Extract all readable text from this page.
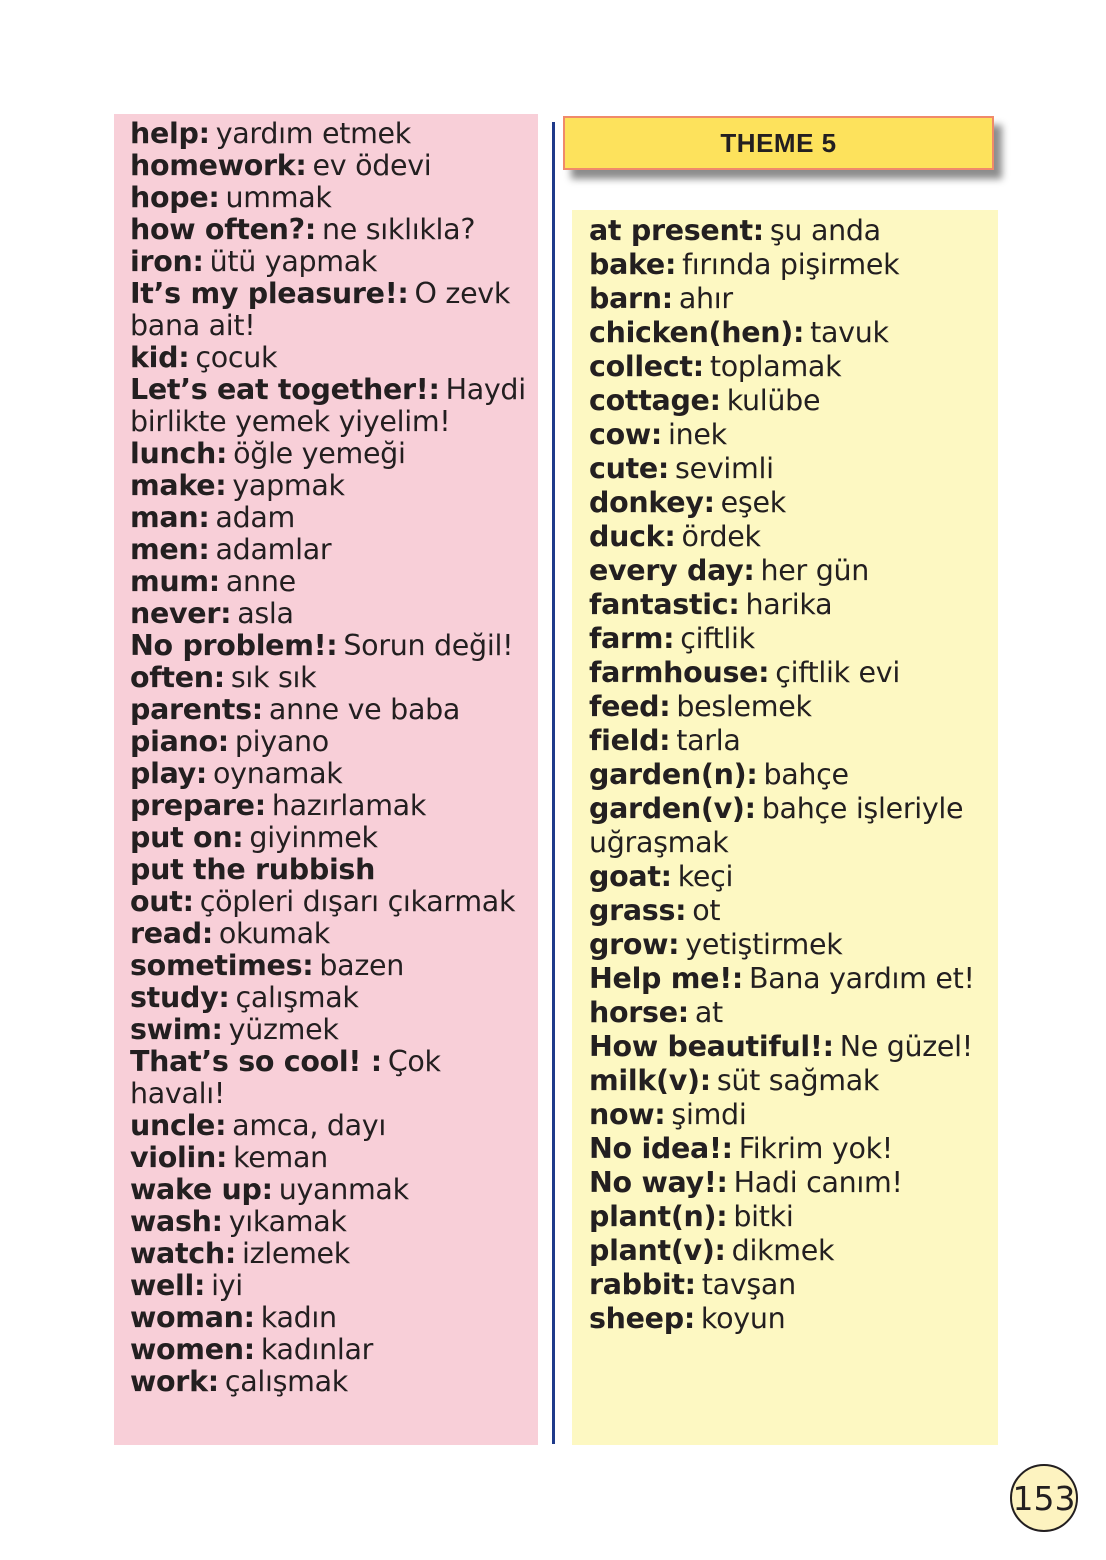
THEME 5
help: yardım etmek
homework: ev ödevi
hope: ummak
how often?: ne sıklıkla?
iron: ütü yapmak
It’s my pleasure!: O zevk bana ait!
kid: çocuk
Let’s eat together!: Haydi birlikte yemek yiyelim!
lunch: öğle yemeği
make: yapmak
man: adam
men: adamlar
mum: anne
never: asla
No problem!: Sorun değil!
often: sık sık
parents: anne ve baba
piano: piyano
play: oynamak
prepare: hazırlamak
put on: giyinmek
put the rubbish out: çöpleri dışarı çıkarmak
read: okumak
sometimes: bazen
study: çalışmak
swim: yüzmek
That’s so cool! : Çok havalı!
uncle: amca, dayı
violin: keman
wake up: uyanmak
wash: yıkamak
watch: izlemek
well: iyi
woman: kadın
women: kadınlar
work: çalışmak
at present: şu anda
bake: fırında pişirmek
barn: ahır
chicken(hen): tavuk
collect: toplamak
cottage: kulübe
cow: inek
cute: sevimli
donkey: eşek
duck: ördek
every day: her gün
fantastic: harika
farm: çiftlik
farmhouse: çiftlik evi
feed: beslemek
field: tarla
garden(n): bahçe
garden(v): bahçe işleriyle uğraşmak
goat: keçi
grass: ot
grow: yetiştirmek
Help me!: Bana yardım et!
horse: at
How beautiful!: Ne güzel!
milk(v): süt sağmak
now: şimdi
No idea!: Fikrim yok!
No way!: Hadi canım!
plant(n): bitki
plant(v): dikmek
rabbit: tavşan
sheep: koyun
153
